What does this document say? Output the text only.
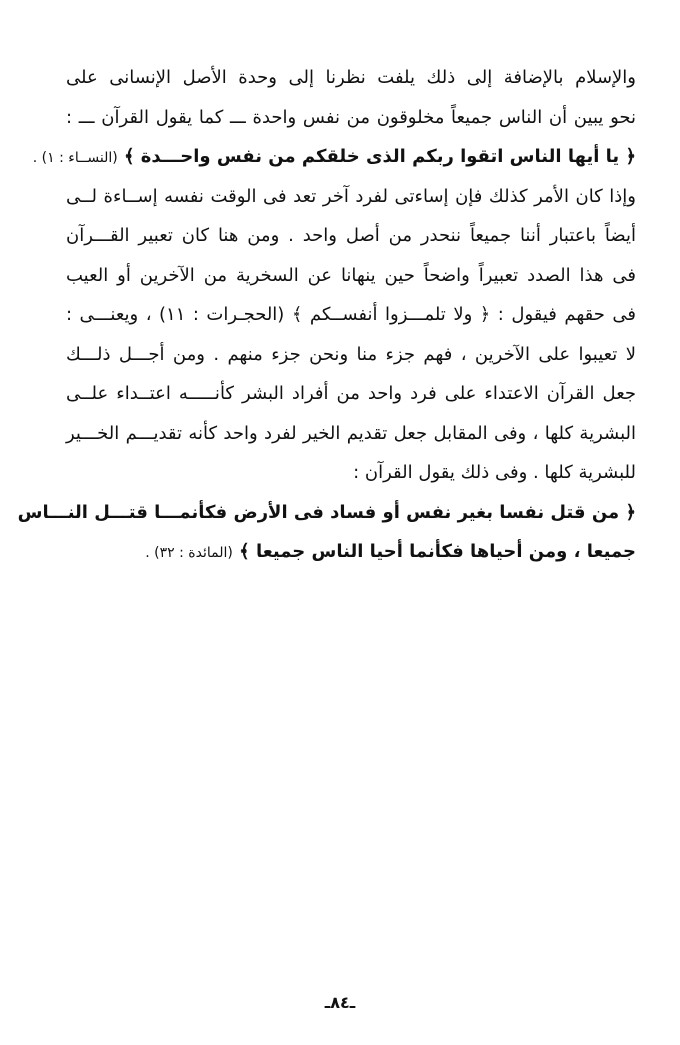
والإسلام بالإضافة إلى ذلك يلفت نظرنا إلى وحدة الأصل الإنسانى على
نحو يبين أن الناس جميعاً مخلوقون من نفس واحدة ـــ كما يقول القرآن ـــ :
﴿ يا أيها الناس اتقوا ربكم الذى خلقكم من نفس واحـــدة ﴾ (النســاء : ١) .
وإذا كان الأمر كذلك فإن إساءتى لفرد آخر تعد فى الوقت نفسه إســاءة لــى
أيضاً باعتبار أننا جميعاً ننحدر من أصل واحد . ومن هنا كان تعبير القـــرآن
فى هذا الصدد تعبيراً واضحاً حين ينهانا عن السخرية من الآخرين أو العيب
فى حقهم فيقول : ﴿ ولا تلمـــزوا أنفســكم ﴾ (الحجـرات : ١١) ، ويعنـــى :
لا تعيبوا على الآخرين ، فهم جزء منا ونحن جزء منهم . ومن أجـــل ذلـــك
جعل القرآن الاعتداء على فرد واحد من أفراد البشر كأنـــــه اعتــداء علــى
البشرية كلها ، وفى المقابل جعل تقديم الخير لفرد واحد كأنه تقديـــم الخـــير
للبشرية كلها . وفى ذلك يقول القرآن :
﴿ من قتل نفسا بغير نفس أو فساد فى الأرض فكأنمـــا قتـــل النـــاس
جميعا ، ومن أحياها فكأنما أحيا الناس جميعا ﴾ (المائدة : ٣٢) .
ـ٨٤ـ
